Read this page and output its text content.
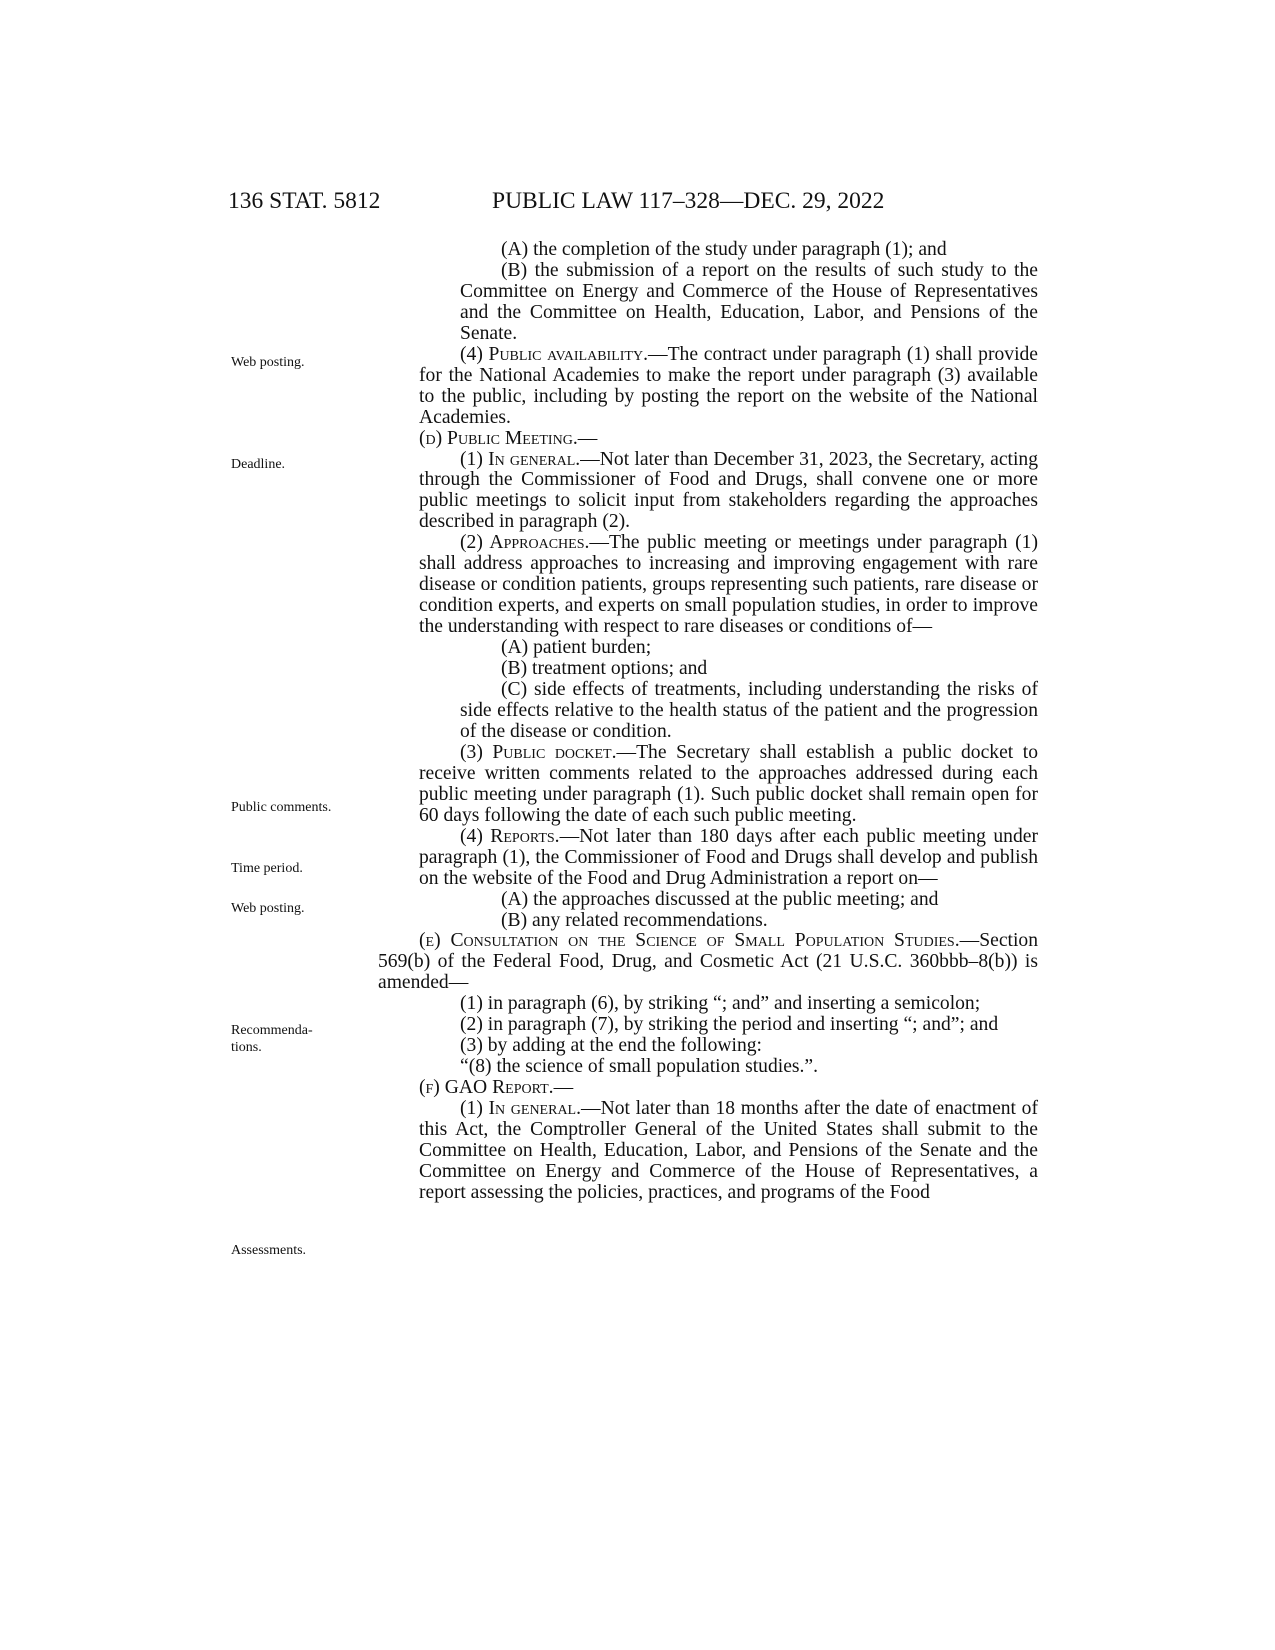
136 STAT. 5812	PUBLIC LAW 117–328—DEC. 29, 2022
Web posting.
Deadline.
Public comments.
Time period.
Web posting.
Recommenda-
tions.
Assessments.

(A) the completion of the study under paragraph (1); and

(B) the submission of a report on the results of such study to the Committee on Energy and Commerce of the House of Representatives and the Committee on Health, Education, Labor, and Pensions of the Senate.

(4) Public availability.—The contract under paragraph (1) shall provide for the National Academies to make the report under paragraph (3) available to the public, including by posting the report on the website of the National Academies.

(d) Public Meeting.—

(1) In general.—Not later than December 31, 2023, the Secretary, acting through the Commissioner of Food and Drugs, shall convene one or more public meetings to solicit input from stakeholders regarding the approaches described in paragraph (2).

(2) Approaches.—The public meeting or meetings under paragraph (1) shall address approaches to increasing and improving engagement with rare disease or condition patients, groups representing such patients, rare disease or condition experts, and experts on small population studies, in order to improve the understanding with respect to rare diseases or conditions of—

(A) patient burden;

(B) treatment options; and

(C) side effects of treatments, including understanding the risks of side effects relative to the health status of the patient and the progression of the disease or condition.

(3) Public docket.—The Secretary shall establish a public docket to receive written comments related to the approaches addressed during each public meeting under paragraph (1). Such public docket shall remain open for 60 days following the date of each such public meeting.

(4) Reports.—Not later than 180 days after each public meeting under paragraph (1), the Commissioner of Food and Drugs shall develop and publish on the website of the Food and Drug Administration a report on—

(A) the approaches discussed at the public meeting; and

(B) any related recommendations.

(e) Consultation on the Science of Small Population Studies.—Section 569(b) of the Federal Food, Drug, and Cosmetic Act (21 U.S.C. 360bbb–8(b)) is amended—

(1) in paragraph (6), by striking “; and” and inserting a semicolon;

(2) in paragraph (7), by striking the period and inserting “; and”; and

(3) by adding at the end the following:

“(8) the science of small population studies.”.

(f) GAO Report.—

(1) In general.—Not later than 18 months after the date of enactment of this Act, the Comptroller General of the United States shall submit to the Committee on Health, Education, Labor, and Pensions of the Senate and the Committee on Energy and Commerce of the House of Representatives, a report assessing the policies, practices, and programs of the Food
